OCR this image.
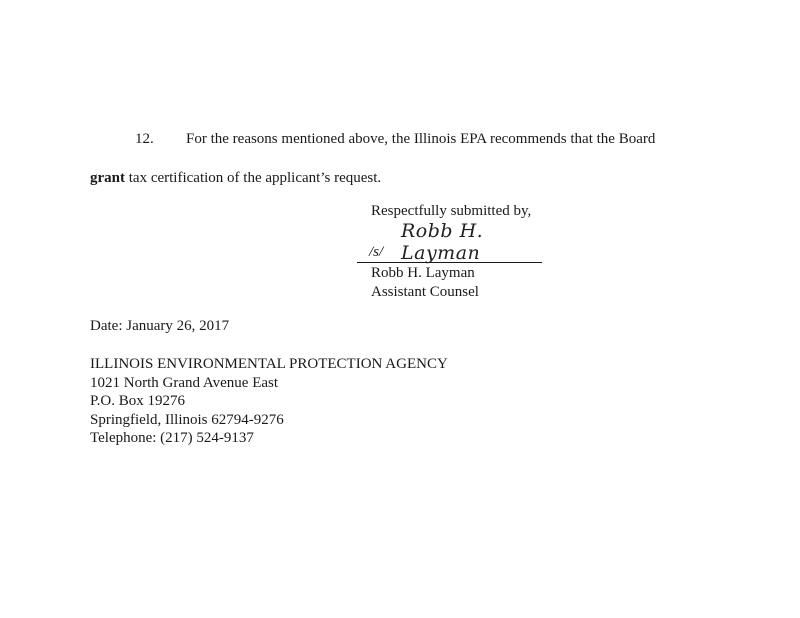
12. For the reasons mentioned above, the Illinois EPA recommends that the Board
grant tax certification of the applicant’s request.
Respectfully submitted by,
/s/
Robb H. Layman
Robb H. Layman
Assistant Counsel
Date: January 26, 2017
ILLINOIS ENVIRONMENTAL PROTECTION AGENCY
1021 North Grand Avenue East
P.O. Box 19276
Springfield, Illinois 62794-9276
Telephone: (217) 524-9137
